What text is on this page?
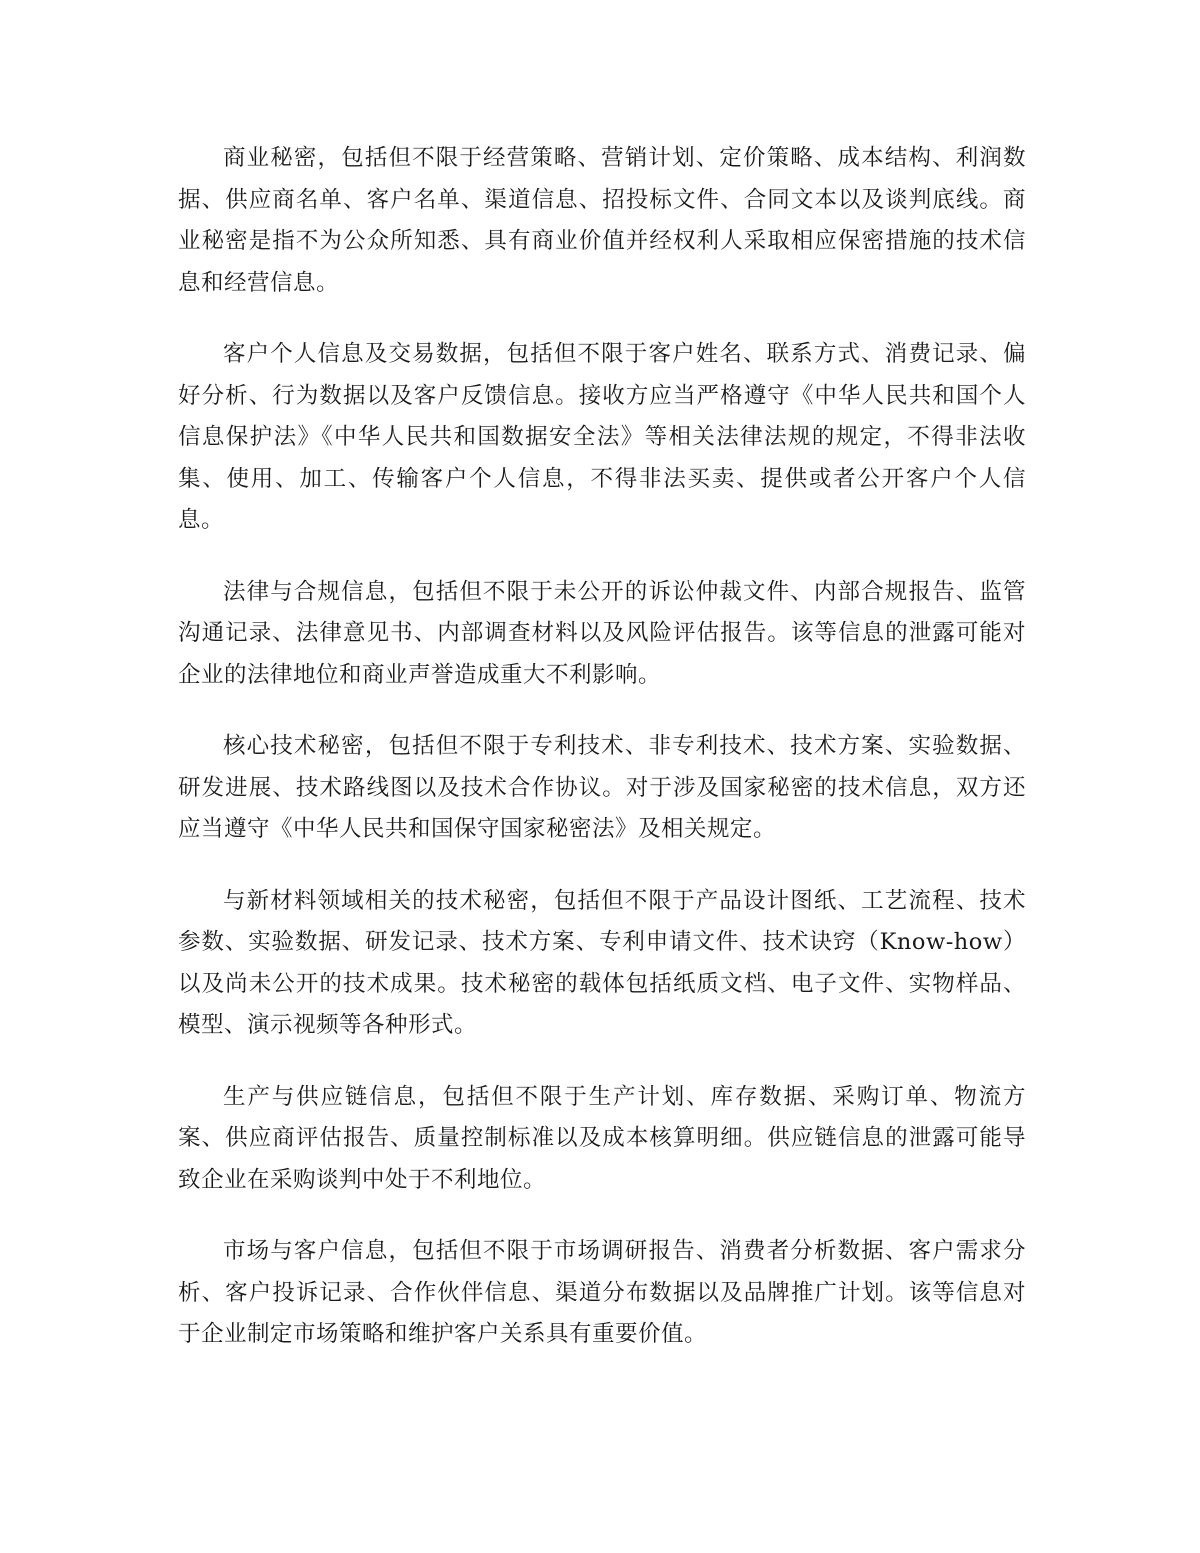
商业秘密，包括但不限于经营策略、营销计划、定价策略、成本结构、利润数据、供应商名单、客户名单、渠道信息、招投标文件、合同文本以及谈判底线。商业秘密是指不为公众所知悉、具有商业价值并经权利人采取相应保密措施的技术信息和经营信息。

客户个人信息及交易数据，包括但不限于客户姓名、联系方式、消费记录、偏好分析、行为数据以及客户反馈信息。接收方应当严格遵守《中华人民共和国个人信息保护法》《中华人民共和国数据安全法》等相关法律法规的规定，不得非法收集、使用、加工、传输客户个人信息，不得非法买卖、提供或者公开客户个人信息。

法律与合规信息，包括但不限于未公开的诉讼仲裁文件、内部合规报告、监管沟通记录、法律意见书、内部调查材料以及风险评估报告。该等信息的泄露可能对企业的法律地位和商业声誉造成重大不利影响。

核心技术秘密，包括但不限于专利技术、非专利技术、技术方案、实验数据、研发进展、技术路线图以及技术合作协议。对于涉及国家秘密的技术信息，双方还应当遵守《中华人民共和国保守国家秘密法》及相关规定。

与新材料领域相关的技术秘密，包括但不限于产品设计图纸、工艺流程、技术参数、实验数据、研发记录、技术方案、专利申请文件、技术诀窍（Know-how）以及尚未公开的技术成果。技术秘密的载体包括纸质文档、电子文件、实物样品、模型、演示视频等各种形式。

生产与供应链信息，包括但不限于生产计划、库存数据、采购订单、物流方案、供应商评估报告、质量控制标准以及成本核算明细。供应链信息的泄露可能导致企业在采购谈判中处于不利地位。

市场与客户信息，包括但不限于市场调研报告、消费者分析数据、客户需求分析、客户投诉记录、合作伙伴信息、渠道分布数据以及品牌推广计划。该等信息对于企业制定市场策略和维护客户关系具有重要价值。
